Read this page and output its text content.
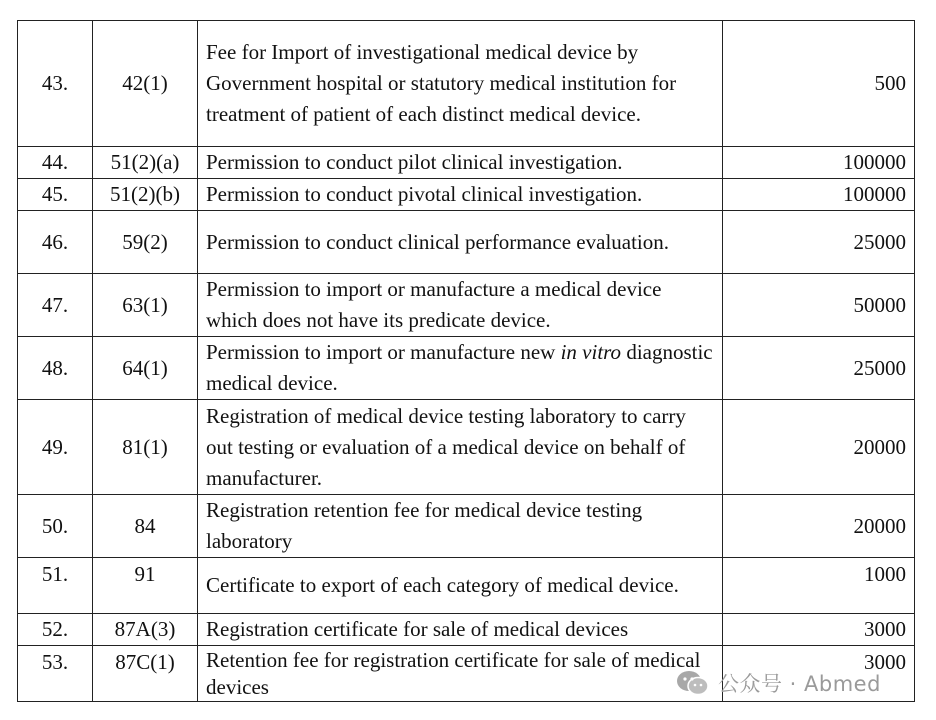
43.	42(1)	Fee for Import of investigational medical device by Government hospital or statutory medical institution for treatment of patient of each distinct medical device.	500
44.	51(2)(a)	Permission to conduct pilot clinical investigation.	100000
45.	51(2)(b)	Permission to conduct pivotal clinical investigation.	100000
46.	59(2)	Permission to conduct clinical performance evaluation.	25000
47.	63(1)	Permission to import or manufacture a medical device which does not have its predicate device.	50000
48.	64(1)	Permission to import or manufacture new in vitro diagnostic medical device.	25000
49.	81(1)	Registration of medical device testing laboratory to carry out testing or evaluation of a medical device on behalf of manufacturer.	20000
50.	84	Registration retention fee for medical device testing laboratory	20000
51.	91	Certificate to export of each category of medical device.	1000
52.	87A(3)	Registration certificate for sale of medical devices	3000
53.	87C(1)	Retention fee for registration certificate for sale of medical devices	3000
公众号 · Abmed
